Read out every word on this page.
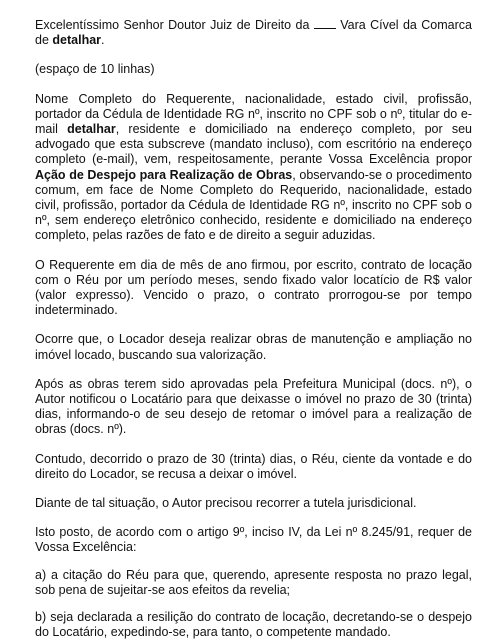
Excelentíssimo Senhor Doutor Juiz de Direito da Vara Cível da Comarca de detalhar.

(espaço de 10 linhas)

Nome Completo do Requerente, nacionalidade, estado civil, profissão, portador da Cédula de Identidade RG nº, inscrito no CPF sob o nº, titular do e-mail detalhar, residente e domiciliado na endereço completo, por seu advogado que esta subscreve (mandato incluso), com escritório na endereço completo (e-mail), vem, respeitosamente, perante Vossa Excelência propor Ação de Despejo para Realização de Obras, observando-se o procedimento comum, em face de Nome Completo do Requerido, nacionalidade, estado civil, profissão, portador da Cédula de Identidade RG nº, inscrito no CPF sob o nº, sem endereço eletrônico conhecido, residente e domiciliado na endereço completo, pelas razões de fato e de direito a seguir aduzidas.

O Requerente em dia de mês de ano firmou, por escrito, contrato de locação com o Réu por um período meses, sendo fixado valor locatício de R$ valor (valor expresso). Vencido o prazo, o contrato prorrogou-se por tempo indeterminado.

Ocorre que, o Locador deseja realizar obras de manutenção e ampliação no imóvel locado, buscando sua valorização.

Após as obras terem sido aprovadas pela Prefeitura Municipal (docs. nº), o Autor notificou o Locatário para que deixasse o imóvel no prazo de 30 (trinta) dias, informando-o de seu desejo de retomar o imóvel para a realização de obras (docs. nº).

Contudo, decorrido o prazo de 30 (trinta) dias, o Réu, ciente da vontade e do direito do Locador, se recusa a deixar o imóvel.

Diante de tal situação, o Autor precisou recorrer a tutela jurisdicional.

Isto posto, de acordo com o artigo 9º, inciso IV, da Lei nº 8.245/91, requer de Vossa Excelência:

a) a citação do Réu para que, querendo, apresente resposta no prazo legal, sob pena de sujeitar-se aos efeitos da revelia;

b) seja declarada a resilição do contrato de locação, decretando-se o despejo do Locatário, expedindo-se, para tanto, o competente mandado.
